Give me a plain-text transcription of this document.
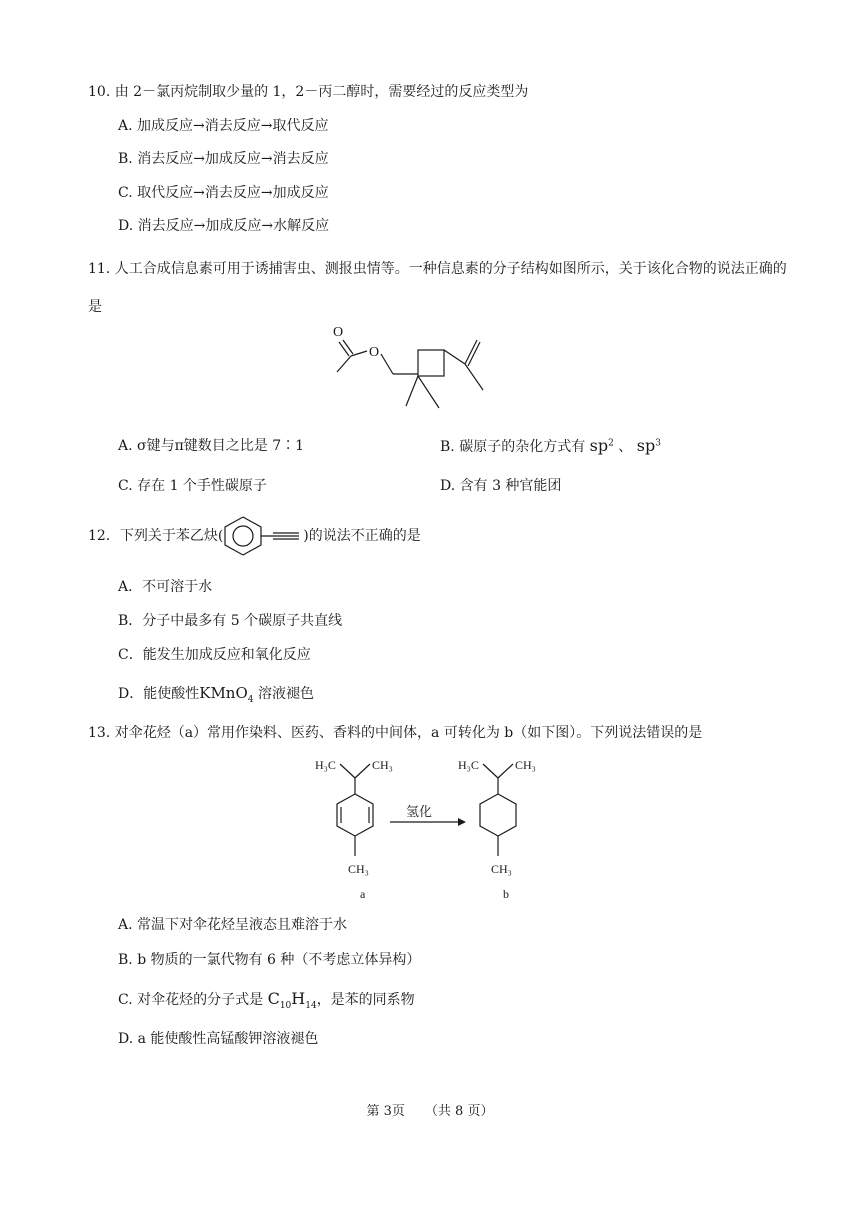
10. 由 2－氯丙烷制取少量的 1，2－丙二醇时，需要经过的反应类型为
A. 加成反应→消去反应→取代反应
B. 消去反应→加成反应→消去反应
C. 取代反应→消去反应→加成反应
D. 消去反应→加成反应→水解反应
11. 人工合成信息素可用于诱捕害虫、测报虫情等。一种信息素的分子结构如图所示，关于该化合物的说法正确的是
O
O
A. σ键与π键数目之比是 7∶1	B. 碳原子的杂化方式有 $sp^2$ 、 $sp^3$
C. 存在 1 个手性碳原子	D. 含有 3 种官能团
12．下列关于苯乙炔(	)的说法不正确的是
A．不可溶于水
B．分子中最多有 5 个碳原子共直线
C．能发生加成反应和氧化反应
D．能使酸性KMnO$_4$ 溶液褪色
13. 对伞花烃（a）常用作染料、医药、香料的中间体，a 可转化为 b（如下图）。下列说法错误的是
H₃C	CH₃
CH₃
a
氢化
H₃C	CH₃
CH₃
b
A. 常温下对伞花烃呈液态且难溶于水
B. b 物质的一氯代物有 6 种（不考虑立体异构）
C. 对伞花烃的分子式是 $C_{10}H_{14}$，是苯的同系物
D. a 能使酸性高锰酸钾溶液褪色
第 3页 （共 8 页）
